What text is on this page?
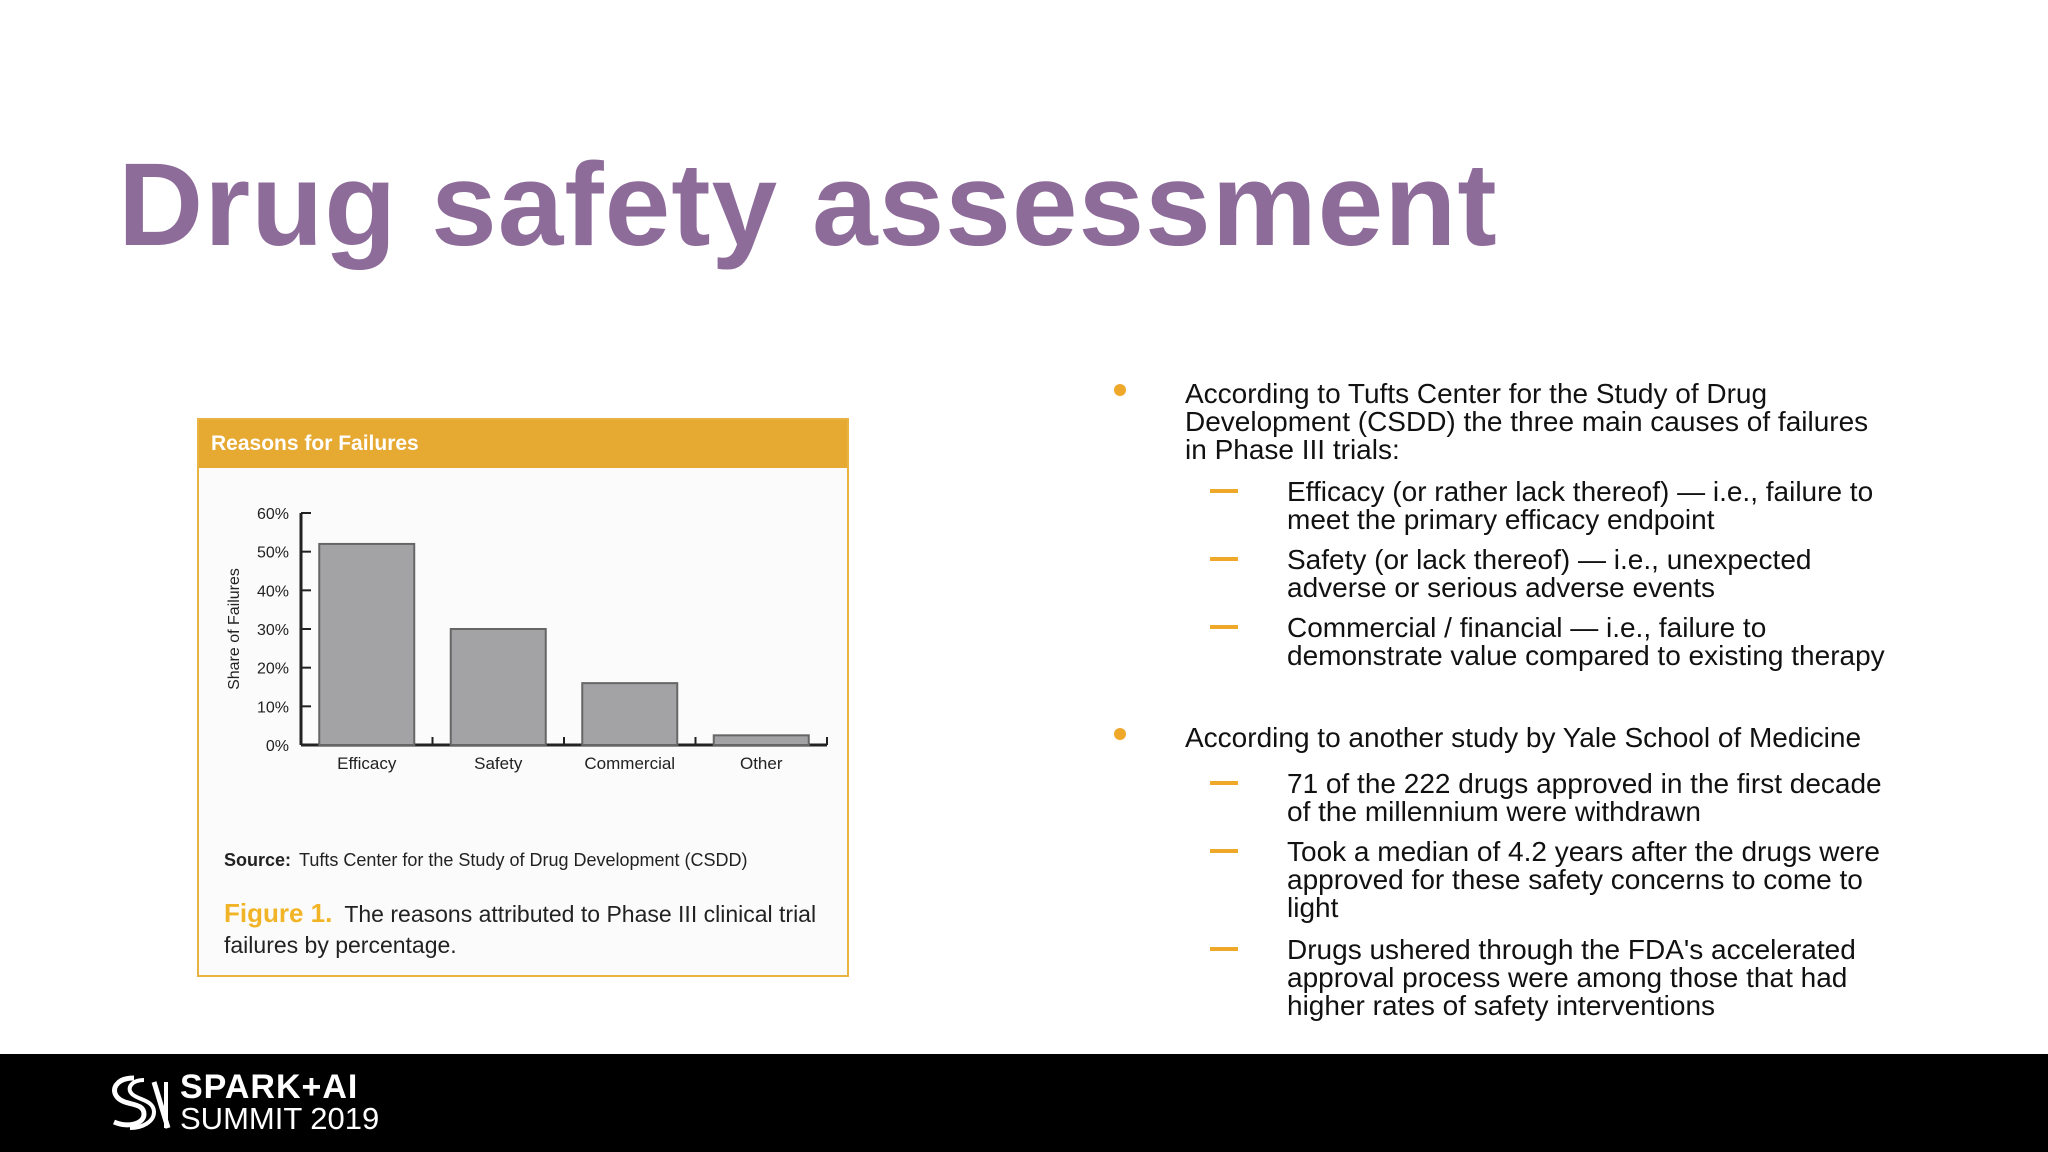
Drug safety assessment
Reasons for Failures
Share of Failures
0%
10%
20%
30%
40%
50%
60%
Efficacy	Safety	Commercial	Other
Source: Tufts Center for the Study of Drug Development (CSDD)
Figure 1. The reasons attributed to Phase III clinical trial failures by percentage.
According to Tufts Center for the Study of Drug
Development (CSDD) the three main causes of failures
in Phase III trials:
Efficacy (or rather lack thereof) — i.e., failure to
meet the primary efficacy endpoint
Safety (or lack thereof) — i.e., unexpected
adverse or serious adverse events
Commercial / financial — i.e., failure to
demonstrate value compared to existing therapy
According to another study by Yale School of Medicine
71 of the 222 drugs approved in the first decade
of the millennium were withdrawn
Took a median of 4.2 years after the drugs were
approved for these safety concerns to come to
light
Drugs ushered through the FDA's accelerated
approval process were among those that had
higher rates of safety interventions
SPARK+AI
SUMMIT 2019
